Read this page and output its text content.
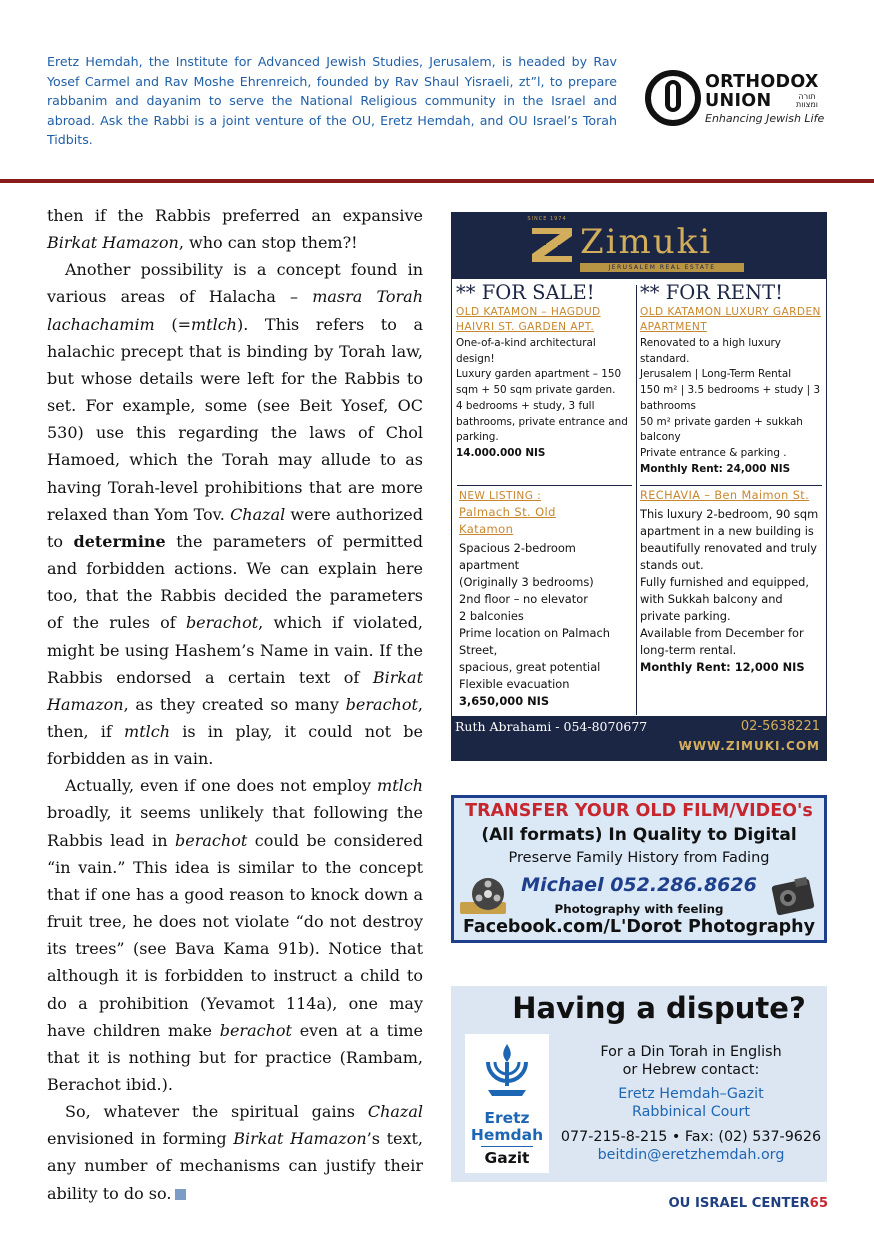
Eretz Hemdah, the Institute for Advanced Jewish Studies, Jerusalem, is headed by Rav Yosef Carmel and Rav Moshe Ehrenreich, founded by Rav Shaul Yisraeli, zt”l, to prepare rabbanim and dayanim to serve the National Religious community in the Israel and abroad. Ask the Rabbi is a joint venture of the OU, Eretz Hemdah, and OU Israel’s Torah Tidbits.
ORTHODOX
UNION	תורה
ומצוות
Enhancing Jewish Life

then if the Rabbis preferred an expansive Birkat Hamazon, who can stop them?!

Another possibility is a concept found in various areas of Halacha – masra Torah lachachamim (=mtlch). This refers to a halachic precept that is binding by Torah law, but whose details were left for the Rabbis to set. For example, some (see Beit Yosef, OC 530) use this regarding the laws of Chol Hamoed, which the Torah may allude to as having Torah-level prohibitions that are more relaxed than Yom Tov. Chazal were authorized to determine the parameters of permitted and forbidden actions. We can explain here too, that the Rabbis decided the parameters of the rules of berachot, which if violated, might be using Hashem’s Name in vain. If the Rabbis endorsed a certain text of Birkat Hamazon, as they created so many berachot, then, if mtlch is in play, it could not be forbidden as in vain.

Actually, even if one does not employ mtlch broadly, it seems unlikely that following the Rabbis lead in berachot could be considered “in vain.” This idea is similar to the concept that if one has a good reason to knock down a fruit tree, he does not violate “do not destroy its trees” (see Bava Kama 91b). Notice that although it is forbidden to instruct a child to do a prohibition (Yevamot 114a), one may have children make berachot even at a time that it is nothing but for practice (Rambam, Berachot ibid.).

So, whatever the spiritual gains Chazal envisioned in forming Birkat Hamazon’s text, any number of mechanisms can justify their ability to do so.

SINCE 1974
Zimuki
JERUSALEM REAL ESTATE
** FOR SALE!
OLD KATAMON – HAGDUD HAIVRI ST. GARDEN APT.
One-of-a-kind architectural design!
Luxury garden apartment – 150 sqm + 50 sqm private garden.
4 bedrooms + study, 3 full bathrooms, private entrance and parking.
14.000.000 NIS
NEW LISTING :
Palmach St. Old Katamon
Spacious 2-bedroom apartment
(Originally 3 bedrooms)
2nd floor – no elevator
2 balconies
Prime location on Palmach Street,
spacious, great potential
Flexible evacuation
3,650,000 NIS
** FOR RENT!
OLD KATAMON LUXURY GARDEN APARTMENT
Renovated to a high luxury standard.
Jerusalem | Long-Term Rental
150 m² | 3.5 bedrooms + study | 3 bathrooms
50 m² private garden + sukkah balcony
Private entrance & parking .
Monthly Rent: 24,000 NIS
RECHAVIA – Ben Maimon St.
This luxury 2-bedroom, 90 sqm apartment in a new building is beautifully renovated and truly stands out.
Fully furnished and equipped, with Sukkah balcony and private parking.
Available from December for long-term rental.
Monthly Rent: 12,000 NIS
Ruth Abrahami - 054-8070677	02-5638221
WWW.ZIMUKI.COM
TRANSFER YOUR OLD FILM/VIDEO's
(All formats) In Quality to Digital
Preserve Family History from Fading
Michael 052.286.8626
Photography with feeling
Facebook.com/L'Dorot Photography
Having a dispute?
Eretz
Hemdah
Gazit
For a Din Torah in English
or Hebrew contact:
Eretz Hemdah–Gazit
Rabbinical Court
077-215-8-215 • Fax: (02) 537-9626
beitdin@eretzhemdah.org
OU ISRAEL CENTER65
